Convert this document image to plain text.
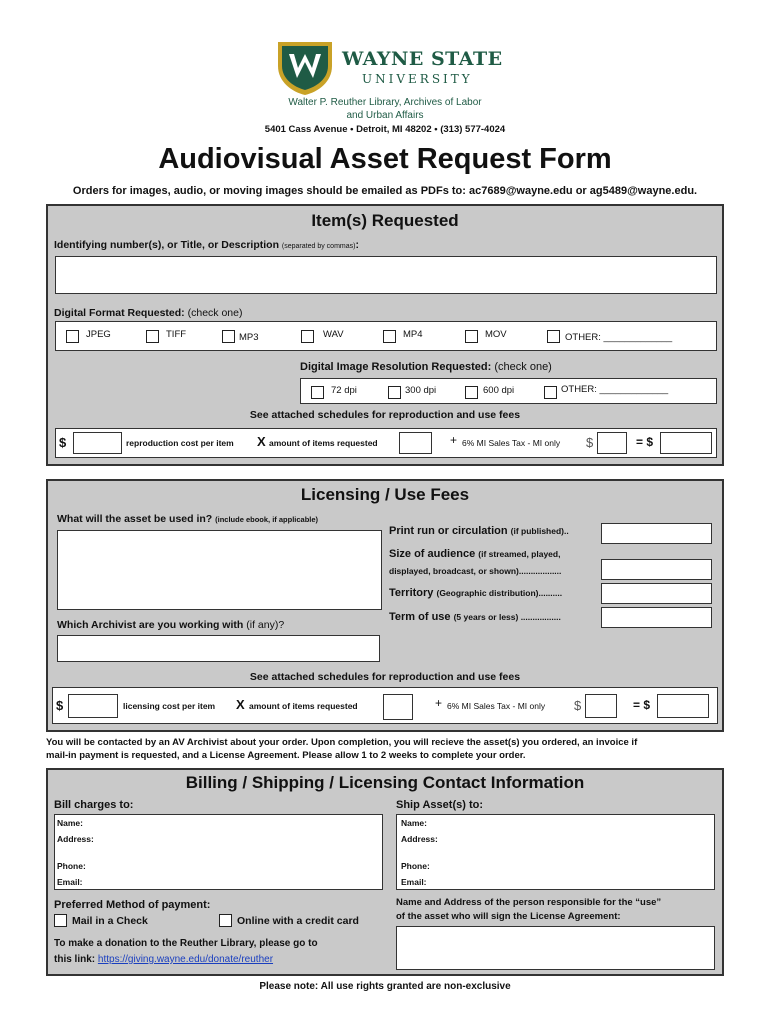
WAYNE STATE
UNIVERSITY
Walter P. Reuther Library, Archives of Labor
and Urban Affairs
5401 Cass Avenue • Detroit, MI 48202 • (313) 577-4024
Audiovisual Asset Request Form
Orders for images, audio, or moving images should be emailed as PDFs to: ac7689@wayne.edu or ag5489@wayne.edu.
Item(s) Requested
Identifying number(s), or Title, or Description (separated by commas):
Digital Format Requested: (check one)
JPEG	TIFF	MP3	WAV	MP4	MOV	OTHER: _____________
Digital Image Resolution Requested: (check one)
72 dpi	300 dpi	600 dpi	OTHER: _____________
See attached schedules for reproduction and use fees
$	reproduction cost per item X amount of items requested	+ 6% MI Sales Tax - MI only $	= $
Licensing / Use Fees
What will the asset be used in? (include ebook, if applicable)
Print run or circulation (if published)..
Size of audience (if streamed, played,
displayed, broadcast, or shown)..................
Territory (Geographic distribution)..........
Term of use (5 years or less) .................
Which Archivist are you working with (if any)?
See attached schedules for reproduction and use fees
$	licensing cost per item X amount of items requested	+ 6% MI Sales Tax - MI only $	= $
You will be contacted by an AV Archivist about your order. Upon completion, you will recieve the asset(s) you ordered, an invoice if
mail-in payment is requested, and a License Agreement. Please allow 1 to 2 weeks to complete your order.
Billing / Shipping / Licensing Contact Information
Bill charges to:	Ship Asset(s) to:
Name:
Address:
Phone:
Email:
Name:
Address:
Phone:
Email:
Preferred Method of payment:
Mail in a Check	Online with a credit card
To make a donation to the Reuther Library, please go to
this link: https://giving.wayne.edu/donate/reuther
Name and Address of the person responsible for the “use”
of the asset who will sign the License Agreement:
Please note: All use rights granted are non-exclusive
